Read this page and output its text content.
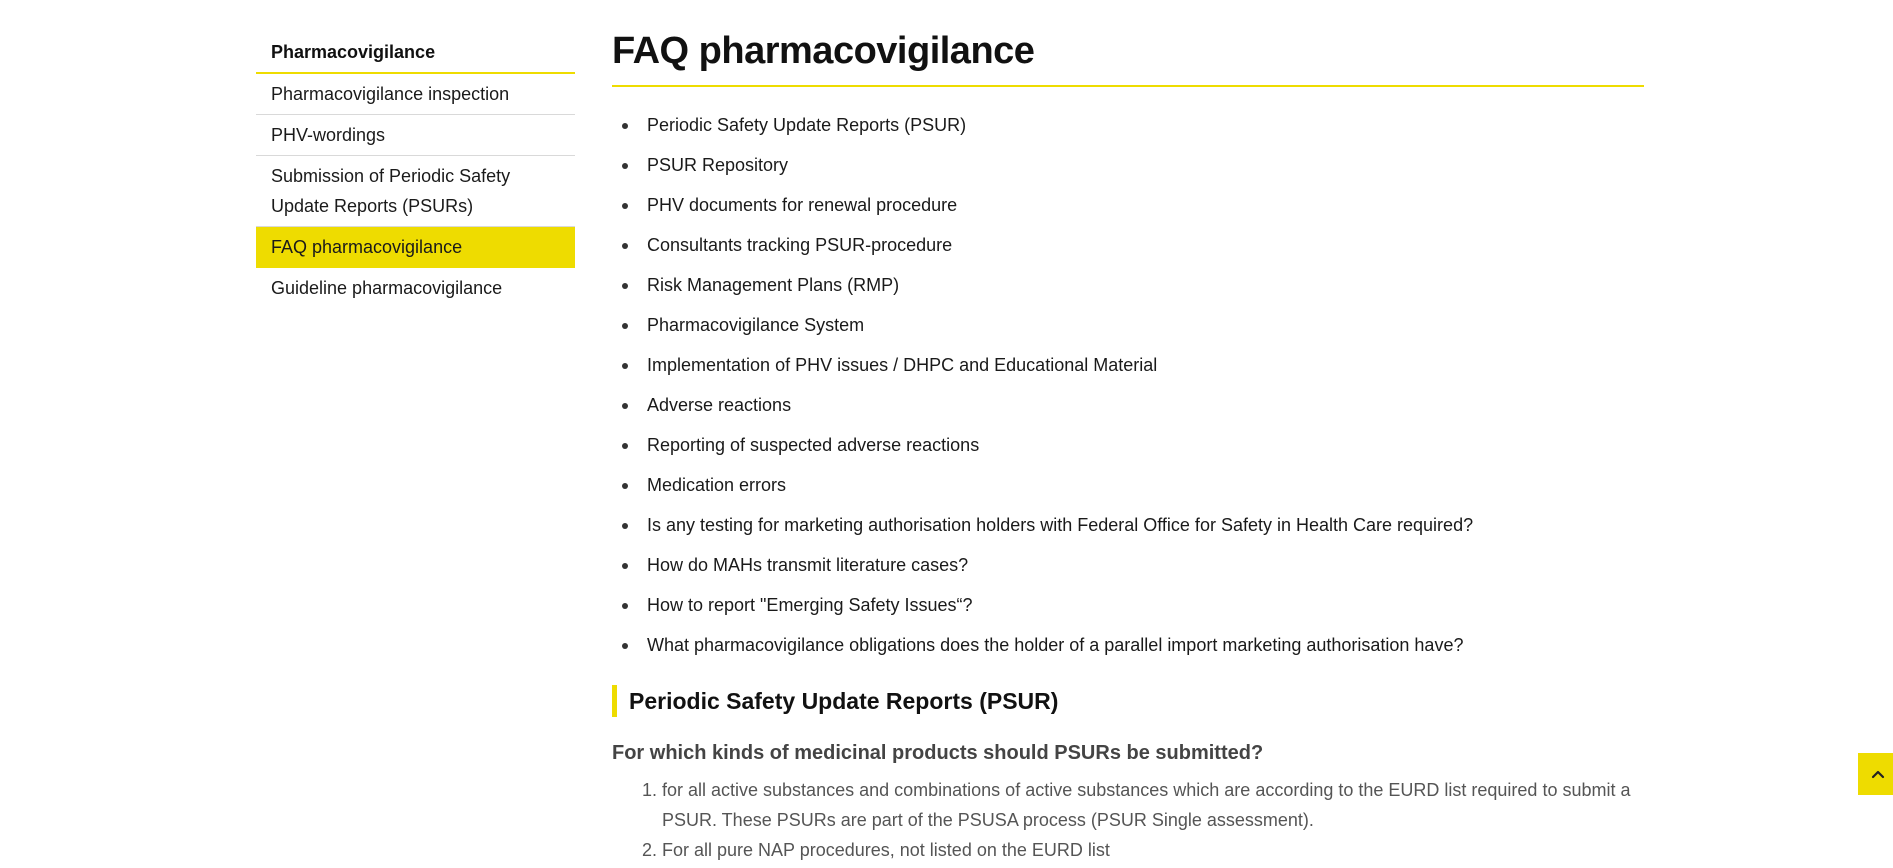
Pharmacovigilance
Pharmacovigilance inspection
PHV-wordings
Submission of Periodic Safety Update Reports (PSURs)
FAQ pharmacovigilance
Guideline pharmacovigilance
FAQ pharmacovigilance
Periodic Safety Update Reports (PSUR)
PSUR Repository
PHV documents for renewal procedure
Consultants tracking PSUR-procedure
Risk Management Plans (RMP)
Pharmacovigilance System
Implementation of PHV issues / DHPC and Educational Material
Adverse reactions
Reporting of suspected adverse reactions
Medication errors
Is any testing for marketing authorisation holders with Federal Office for Safety in Health Care required?
How do MAHs transmit literature cases?
How to report "Emerging Safety Issues“?
What pharmacovigilance obligations does the holder of a parallel import marketing authorisation have?
Periodic Safety Update Reports (PSUR)
For which kinds of medicinal products should PSURs be submitted?
1. for all active substances and combinations of active substances which are according to the EURD list required to submit a PSUR. These PSURs are part of the PSUSA process (PSUR Single assessment).
2. For all pure NAP procedures, not listed on the EURD list
